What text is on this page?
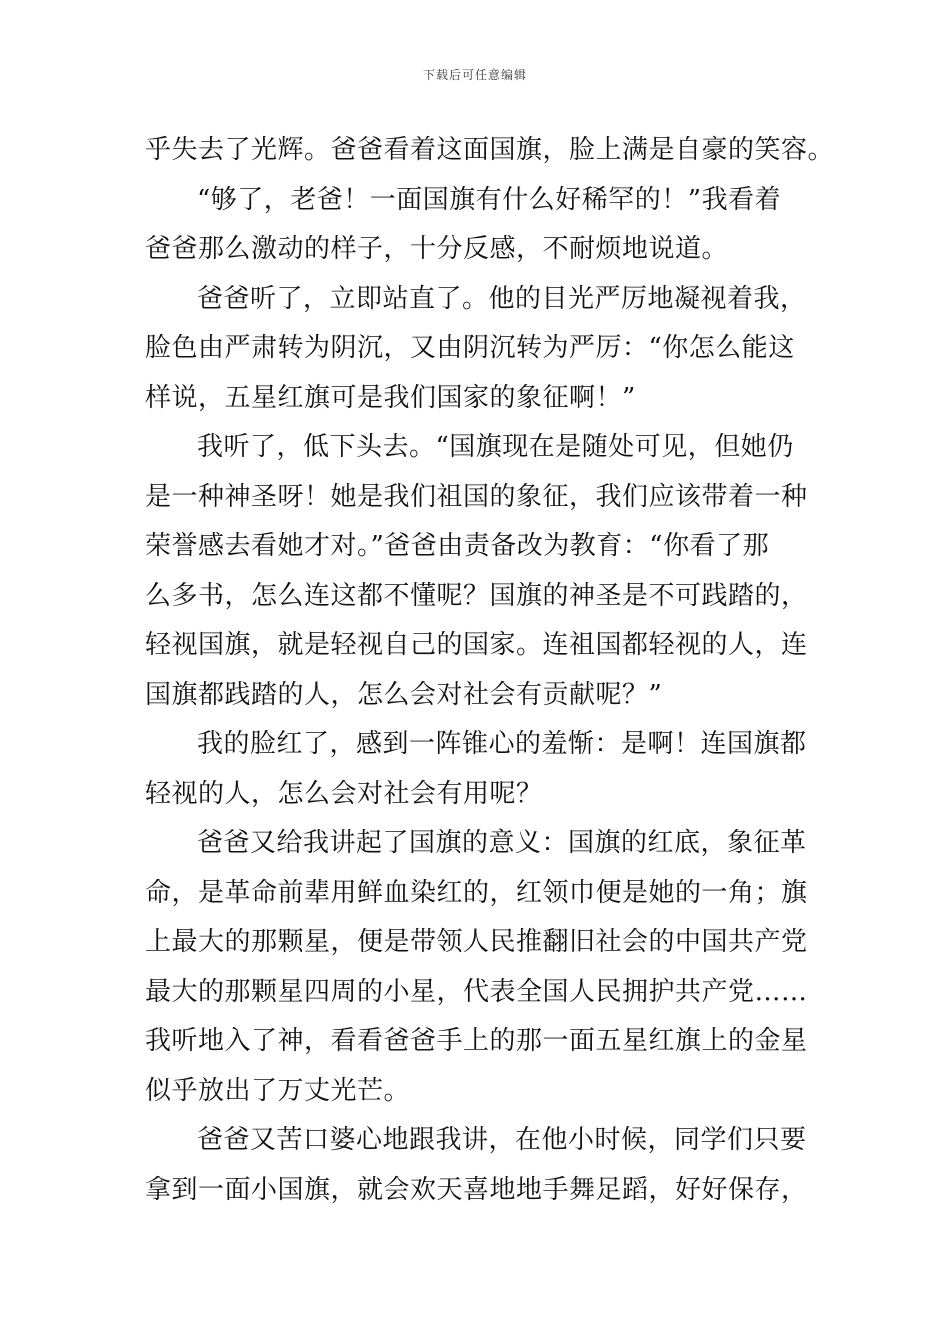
下载后可任意编辑
乎失去了光辉。爸爸看着这面国旗，脸上满是自豪的笑容。
“够了，老爸！一面国旗有什么好稀罕的！”我看着
爸爸那么激动的样子，十分反感，不耐烦地说道。
爸爸听了，立即站直了。他的目光严厉地凝视着我，
脸色由严肃转为阴沉，又由阴沉转为严厉：“你怎么能这
样说，五星红旗可是我们国家的象征啊！”
我听了，低下头去。“国旗现在是随处可见，但她仍
是一种神圣呀！她是我们祖国的象征，我们应该带着一种
荣誉感去看她才对。”爸爸由责备改为教育：“你看了那
么多书，怎么连这都不懂呢？国旗的神圣是不可践踏的，
轻视国旗，就是轻视自己的国家。连祖国都轻视的人，连
国旗都践踏的人，怎么会对社会有贡献呢？”
我的脸红了，感到一阵锥心的羞惭：是啊！连国旗都
轻视的人，怎么会对社会有用呢？
爸爸又给我讲起了国旗的意义：国旗的红底，象征革
命，是革命前辈用鲜血染红的，红领巾便是她的一角；旗
上最大的那颗星，便是带领人民推翻旧社会的中国共产党
最大的那颗星四周的小星，代表全国人民拥护共产党……
我听地入了神，看看爸爸手上的那一面五星红旗上的金星
似乎放出了万丈光芒。
爸爸又苦口婆心地跟我讲，在他小时候，同学们只要
拿到一面小国旗，就会欢天喜地地手舞足蹈，好好保存，
